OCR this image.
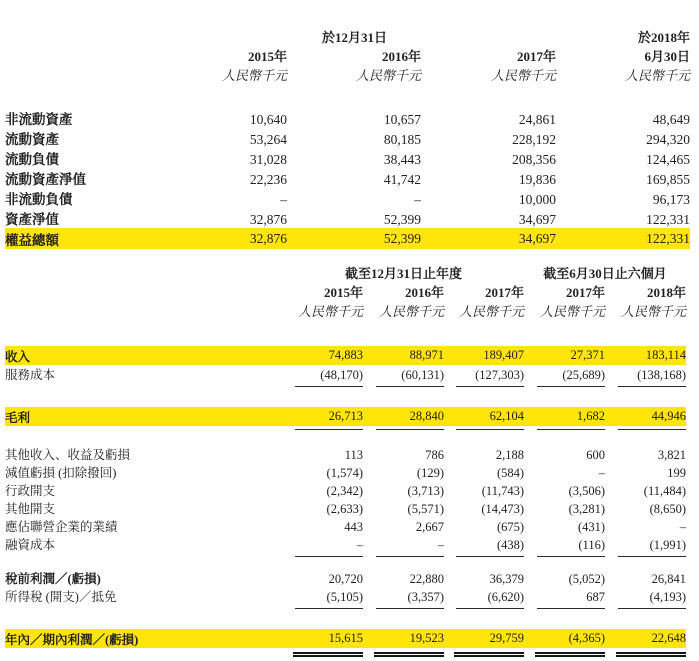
	於12月31日			於2018年
	2015年	2016年	2017年	6月30日
	人民幣千元	人民幣千元	人民幣千元	人民幣千元

非流動資產	10,640	10,657	24,861	48,649
流動資產	53,264	80,185	228,192	294,320
流動負債	31,028	38,443	208,356	124,465
流動資產淨值	22,236	41,742	19,836	169,855
非流動負債	–	–	10,000	96,173
資產淨值	32,876	52,399	34,697	122,331
權益總額	32,876	52,399	34,697	122,331
	截至12月31日止年度			截至6月30日止六個月	
	2015年	2016年	2017年	2017年	2018年
	人民幣千元	人民幣千元	人民幣千元	人民幣千元	人民幣千元

收入	74,883	88,971	189,407	27,371	183,114
服務成本	(48,170)	(60,131)	(127,303)	(25,689)	(138,168)

毛利	26,713	28,840	62,104	1,682	44,946

其他收入、收益及虧損	113	786	2,188	600	3,821
減值虧損 (扣除撥回)	(1,574)	(129)	(584)	–	199
行政開支	(2,342)	(3,713)	(11,743)	(3,506)	(11,484)
其他開支	(2,633)	(5,571)	(14,473)	(3,281)	(8,650)
應佔聯營企業的業績	443	2,667	(675)	(431)	–
融資成本	–	–	(438)	(116)	(1,991)

稅前利潤／(虧損)	20,720	22,880	36,379	(5,052)	26,841
所得稅 (開支)／抵免	(5,105)	(3,357)	(6,620)	687	(4,193)

年內／期內利潤／(虧損)	15,615	19,523	29,759	(4,365)	22,648
